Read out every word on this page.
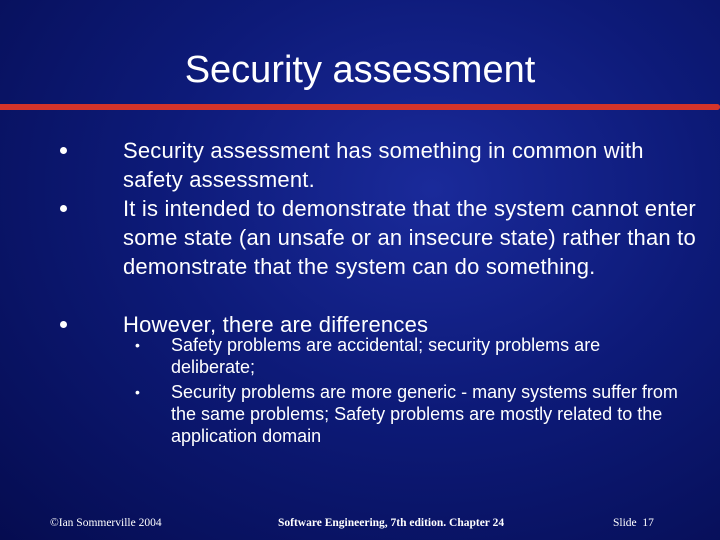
Security assessment
Security assessment has something in common with safety assessment.
It is intended to demonstrate that the system cannot enter some state (an unsafe or an insecure state) rather than to demonstrate that the system can do something.
However, there are differences
• Safety problems are accidental; security problems are deliberate;
• Security problems are more generic - many systems suffer from the same problems; Safety problems are mostly related to the application domain
©Ian Sommerville 2004	Software Engineering, 7th edition. Chapter 24	Slide  17
